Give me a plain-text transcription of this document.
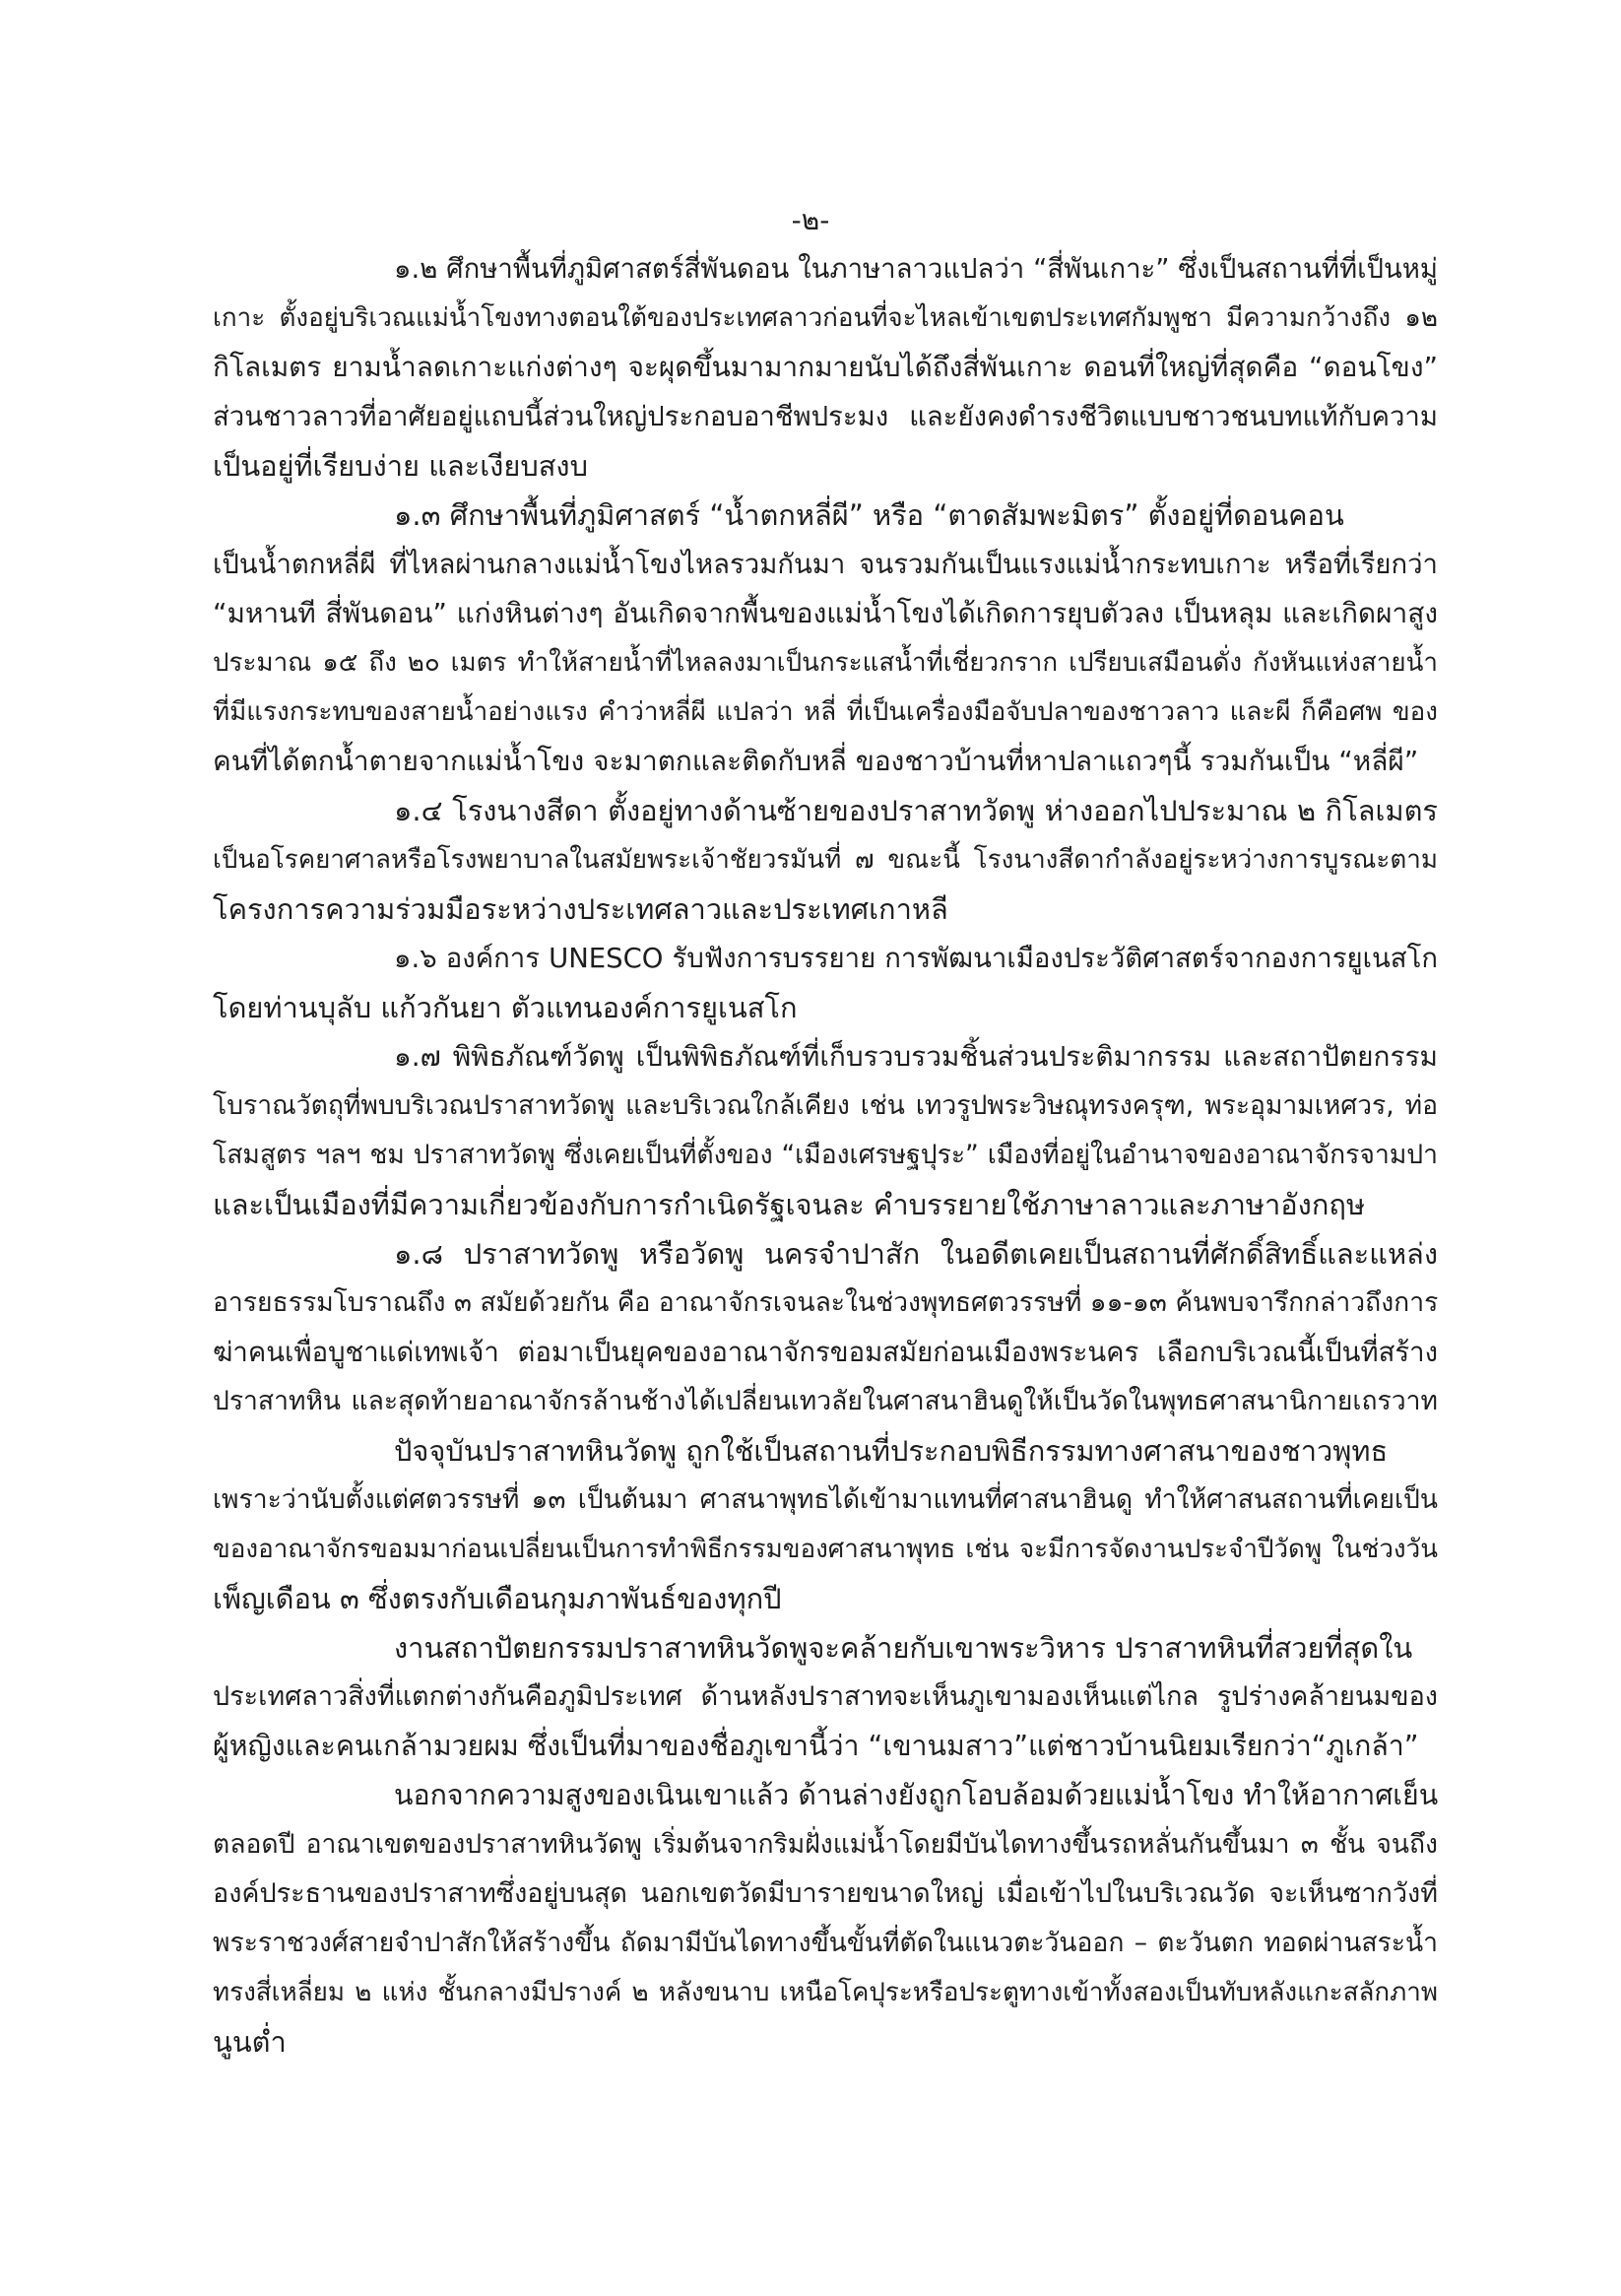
-๒-
๑.๒ ศึกษาพื้นที่ภูมิศาสตร์สี่พันดอน ในภาษาลาวแปลว่า “สี่พันเกาะ” ซึ่งเป็นสถานที่ที่เป็นหมู่
เกาะ ตั้งอยู่บริเวณแม่น้ำโขงทางตอนใต้ของประเทศลาวก่อนที่จะไหลเข้าเขตประเทศกัมพูชา มีความกว้างถึง ๑๒
กิโลเมตร ยามน้ำลดเกาะแก่งต่างๆ จะผุดขึ้นมามากมายนับได้ถึงสี่พันเกาะ ดอนที่ใหญ่ที่สุดคือ “ดอนโขง”
ส่วนชาวลาวที่อาศัยอยู่แถบนี้ส่วนใหญ่ประกอบอาชีพประมง และยังคงดำรงชีวิตแบบชาวชนบทแท้กับความ
เป็นอยู่ที่เรียบง่าย และเงียบสงบ
๑.๓ ศึกษาพื้นที่ภูมิศาสตร์ “น้ำตกหลี่ผี” หรือ “ตาดสัมพะมิตร” ตั้งอยู่ที่ดอนคอน
เป็นน้ำตกหลี่ผี ที่ไหลผ่านกลางแม่น้ำโขงไหลรวมกันมา จนรวมกันเป็นแรงแม่น้ำกระทบเกาะ หรือที่เรียกว่า
“มหานที สี่พันดอน” แก่งหินต่างๆ อันเกิดจากพื้นของแม่น้ำโขงได้เกิดการยุบตัวลง เป็นหลุม และเกิดผาสูง
ประมาณ ๑๕ ถึง ๒๐ เมตร ทำให้สายน้ำที่ไหลลงมาเป็นกระแสน้ำที่เชี่ยวกราก เปรียบเสมือนดั่ง กังหันแห่งสายน้ำ
ที่มีแรงกระทบของสายน้ำอย่างแรง คำว่าหลี่ผี แปลว่า หลี่ ที่เป็นเครื่องมือจับปลาของชาวลาว และผี ก็คือศพ ของ
คนที่ได้ตกน้ำตายจากแม่น้ำโขง จะมาตกและติดกับหลี่ ของชาวบ้านที่หาปลาแถวๆนี้ รวมกันเป็น “หลี่ผี”
๑.๔ โรงนางสีดา ตั้งอยู่ทางด้านซ้ายของปราสาทวัดพู ห่างออกไปประมาณ ๒ กิโลเมตร
เป็นอโรคยาศาลหรือโรงพยาบาลในสมัยพระเจ้าชัยวรมันที่ ๗ ขณะนี้ โรงนางสีดากำลังอยู่ระหว่างการบูรณะตาม
โครงการความร่วมมือระหว่างประเทศลาวและประเทศเกาหลี
๑.๖ องค์การ UNESCO รับฟังการบรรยาย การพัฒนาเมืองประวัติศาสตร์จากองการยูเนสโก
โดยท่านบุลับ แก้วกันยา ตัวแทนองค์การยูเนสโก
๑.๗ พิพิธภัณฑ์วัดพู เป็นพิพิธภัณฑ์ที่เก็บรวบรวมชิ้นส่วนประติมากรรม และสถาปัตยกรรม
โบราณวัตถุที่พบบริเวณปราสาทวัดพู และบริเวณใกล้เคียง เช่น เทวรูปพระวิษณุทรงครุฑ, พระอุมามเหศวร, ท่อ
โสมสูตร ฯลฯ ชม ปราสาทวัดพู ซึ่งเคยเป็นที่ตั้งของ “เมืองเศรษฐปุระ” เมืองที่อยู่ในอำนาจของอาณาจักรจามปา
และเป็นเมืองที่มีความเกี่ยวข้องกับการกำเนิดรัฐเจนละ คำบรรยายใช้ภาษาลาวและภาษาอังกฤษ
๑.๘ ปราสาทวัดพู หรือวัดพู นครจำปาสัก ในอดีตเคยเป็นสถานที่ศักดิ์สิทธิ์และแหล่ง
อารยธรรมโบราณถึง ๓ สมัยด้วยกัน คือ อาณาจักรเจนละในช่วงพุทธศตวรรษที่ ๑๑-๑๓ ค้นพบจารึกกล่าวถึงการ
ฆ่าคนเพื่อบูชาแด่เทพเจ้า ต่อมาเป็นยุคของอาณาจักรขอมสมัยก่อนเมืองพระนคร เลือกบริเวณนี้เป็นที่สร้าง
ปราสาทหิน และสุดท้ายอาณาจักรล้านช้างได้เปลี่ยนเทวลัยในศาสนาฮินดูให้เป็นวัดในพุทธศาสนานิกายเถรวาท
ปัจจุบันปราสาทหินวัดพู ถูกใช้เป็นสถานที่ประกอบพิธีกรรมทางศาสนาของชาวพุทธ
เพราะว่านับตั้งแต่ศตวรรษที่ ๑๓ เป็นต้นมา ศาสนาพุทธได้เข้ามาแทนที่ศาสนาฮินดู ทำให้ศาสนสถานที่เคยเป็น
ของอาณาจักรขอมมาก่อนเปลี่ยนเป็นการทำพิธีกรรมของศาสนาพุทธ เช่น จะมีการจัดงานประจำปีวัดพู ในช่วงวัน
เพ็ญเดือน ๓ ซึ่งตรงกับเดือนกุมภาพันธ์ของทุกปี
งานสถาปัตยกรรมปราสาทหินวัดพูจะคล้ายกับเขาพระวิหาร ปราสาทหินที่สวยที่สุดใน
ประเทศลาวสิ่งที่แตกต่างกันคือภูมิประเทศ ด้านหลังปราสาทจะเห็นภูเขามองเห็นแต่ไกล รูปร่างคล้ายนมของ
ผู้หญิงและคนเกล้ามวยผม ซึ่งเป็นที่มาของชื่อภูเขานี้ว่า “เขานมสาว”แต่ชาวบ้านนิยมเรียกว่า“ภูเกล้า”
นอกจากความสูงของเนินเขาแล้ว ด้านล่างยังถูกโอบล้อมด้วยแม่น้ำโขง ทำให้อากาศเย็น
ตลอดปี อาณาเขตของปราสาทหินวัดพู เริ่มต้นจากริมฝั่งแม่น้ำโดยมีบันไดทางขึ้นรถหลั่นกันขึ้นมา ๓ ชั้น จนถึง
องค์ประธานของปราสาทซึ่งอยู่บนสุด นอกเขตวัดมีบารายขนาดใหญ่ เมื่อเข้าไปในบริเวณวัด จะเห็นซากวังที่
พระราชวงศ์สายจำปาสักให้สร้างขึ้น ถัดมามีบันไดทางขึ้นขั้นที่ตัดในแนวตะวันออก – ตะวันตก ทอดผ่านสระน้ำ
ทรงสี่เหลี่ยม ๒ แห่ง ชั้นกลางมีปรางค์ ๒ หลังขนาบ เหนือโคปุระหรือประตูทางเข้าทั้งสองเป็นทับหลังแกะสลักภาพ
นูนต่ำ
